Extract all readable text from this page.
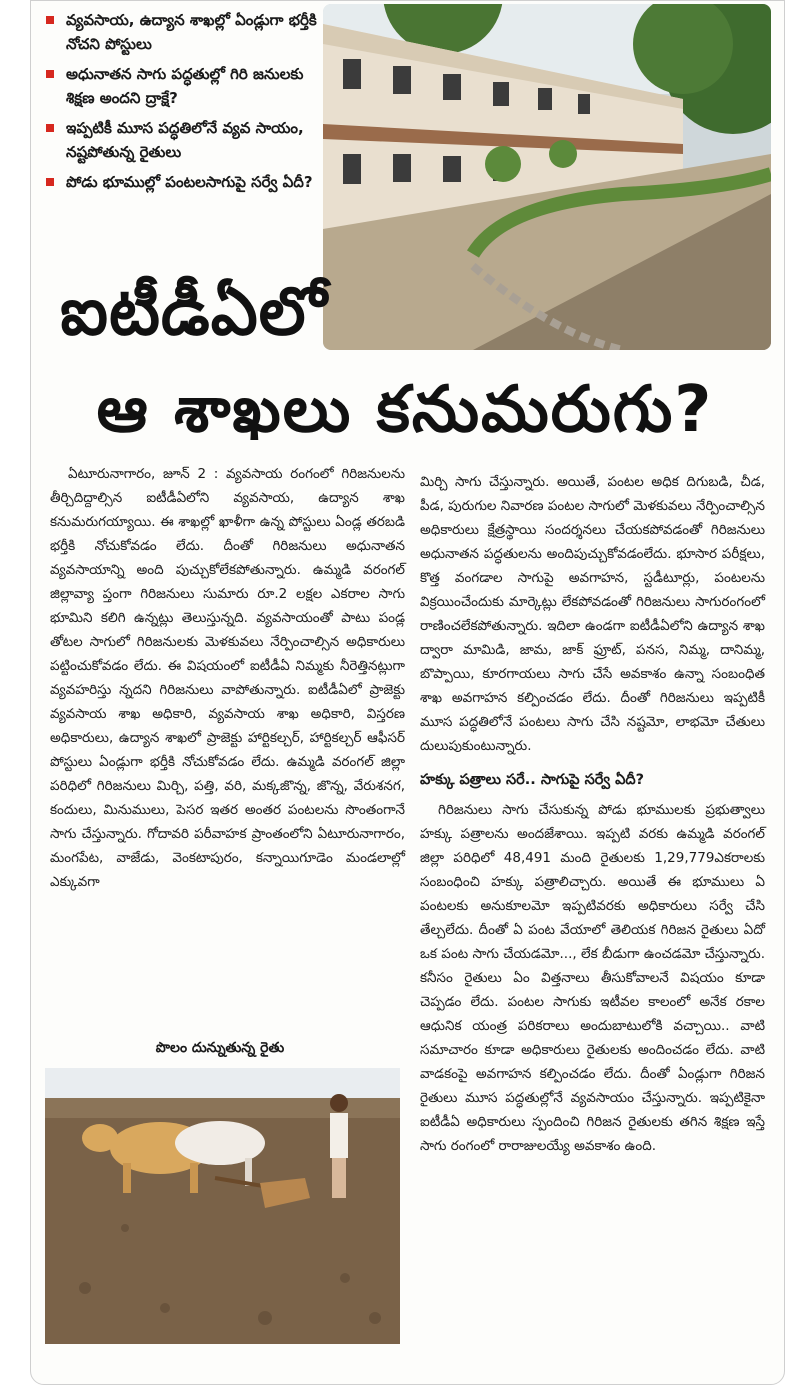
వ్యవసాయ, ఉద్యాన శాఖల్లో ఏండ్లుగా భర్తీకి నోచని పోస్టులు
అధునాతన సాగు పద్ధతుల్లో గిరి జనులకు శిక్షణ అందని ద్రాక్షే?
ఇప్పటికీ మూస పద్ధతిలోనే వ్యవ సాయం, నష్టపోతున్న రైతులు
పోడు భూముల్లో పంటలసాగుపై సర్వే ఏదీ?
ఐటీడీఏలో
ఆ శాఖలు కనుమరుగు?

ఏటూరునాగారం, జూన్ 2 : వ్యవసాయ రంగంలో గిరిజనులను తీర్చిదిద్దాల్సిన ఐటీడీఏలోని వ్యవసాయ, ఉద్యాన శాఖ కనుమరుగయ్యాయి. ఈ శాఖల్లో ఖాళీగా ఉన్న పోస్టులు ఏండ్ల తరబడి భర్తీకి నోచుకోవడం లేదు. దీంతో గిరిజనులు అధునాతన వ్యవసాయాన్ని అంది పుచ్చుకోలేకపోతున్నారు. ఉమ్మడి వరంగల్ జిల్లావ్యా ప్తంగా గిరిజనులు సుమారు రూ.2 లక్షల ఎకరాల సాగు భూమిని కలిగి ఉన్నట్లు తెలుస్తున్నది. వ్యవసాయంతో పాటు పండ్ల తోటల సాగులో గిరిజనులకు మెళకువలు నేర్పించాల్సిన అధికారులు పట్టించుకోవడం లేదు. ఈ విషయంలో ఐటీడీఏ నిమ్మకు నీరెత్తినట్లుగా వ్యవహరిస్తు న్నదని గిరిజనులు వాపోతున్నారు. ఐటీడీఏలో ప్రాజెక్టు వ్యవసాయ శాఖ అధికారి, వ్యవసాయ శాఖ అధికారి, విస్తరణ అధికారులు, ఉద్యాన శాఖలో ప్రాజెక్టు హార్టికల్చర్, హార్టికల్చర్ ఆఫీసర్ పోస్టులు ఏండ్లుగా భర్తీకి నోచుకోవడం లేదు. ఉమ్మడి వరంగల్ జిల్లా పరిధిలో గిరిజనులు మిర్చి, పత్తి, వరి, మక్కజొన్న, జొన్న, వేరుశనగ, కందులు, మినుములు, పెసర ఇతర అంతర పంటలను సొంతంగానే సాగు చేస్తున్నారు. గోదావరి పరీవాహక ప్రాంతంలోని ఏటూరునాగారం, మంగపేట, వాజేడు, వెంకటాపురం, కన్నాయిగూడెం మండలాల్లో ఎక్కువగా

పొలం దున్నుతున్న రైతు

మిర్చి సాగు చేస్తున్నారు. అయితే, పంటల అధిక దిగుబడి, చీడ, పీడ, పురుగుల నివారణ పంటల సాగులో మెళకువలు నేర్పించాల్సిన అధికారులు క్షేత్రస్థాయి సందర్శనలు చేయకపోవడంతో గిరిజనులు అధునాతన పద్ధతులను అందిపుచ్చుకోవడంలేదు. భూసార పరీక్షలు, కొత్త వంగడాల సాగుపై అవగాహన, స్టడీటూర్లు, పంటలను విక్రయించేందుకు మార్కెట్లు లేకపోవడంతో గిరిజనులు సాగురంగంలో రాణించలేకపోతున్నారు. ఇదిలా ఉండగా ఐటీడీఏలోని ఉద్యాన శాఖ ద్వారా మామిడి, జామ, జాక్ ఫ్రూట్, పనస, నిమ్మ, దానిమ్మ, బొప్పాయి, కూరగాయలు సాగు చేసే అవకాశం ఉన్నా సంబంధిత శాఖ అవగాహన కల్పించడం లేదు. దీంతో గిరిజనులు ఇప్పటికీ మూస పద్ధతిలోనే పంటలు సాగు చేసి నష్టమో, లాభమో చేతులు దులుపుకుంటున్నారు.

హక్కు పత్రాలు సరే.. సాగుపై సర్వే ఏదీ?

గిరిజనులు సాగు చేసుకున్న పోడు భూములకు ప్రభుత్వాలు హక్కు పత్రాలను అందజేశాయి. ఇప్పటి వరకు ఉమ్మడి వరంగల్ జిల్లా పరిధిలో 48,491 మంది రైతులకు 1,29,779ఎకరాలకు సంబంధించి హక్కు పత్రాలిచ్చారు. అయితే ఈ భూములు ఏ పంటలకు అనుకూలమో ఇప్పటివరకు అధికారులు సర్వే చేసి తేల్చలేదు. దీంతో ఏ పంట వేయాలో తెలియక గిరిజన రైతులు ఏదో ఒక పంట సాగు చేయడమో..., లేక బీడుగా ఉంచడమో చేస్తున్నారు. కనీసం రైతులు ఏం విత్తనాలు తీసుకోవాలనే విషయం కూడా చెప్పడం లేదు. పంటల సాగుకు ఇటీవల కాలంలో అనేక రకాల ఆధునిక యంత్ర పరికరాలు అందుబాటులోకి వచ్చాయి.. వాటి సమాచారం కూడా అధికారులు రైతులకు అందించడం లేదు. వాటి వాడకంపై అవగాహన కల్పించడం లేదు. దీంతో ఏండ్లుగా గిరిజన రైతులు మూస పద్ధతుల్లోనే వ్యవసాయం చేస్తున్నారు. ఇప్పటికైనా ఐటీడీఏ అధికారులు స్పందించి గిరిజన రైతులకు తగిన శిక్షణ ఇస్తే సాగు రంగంలో రారాజులయ్యే అవకాశం ఉంది.
